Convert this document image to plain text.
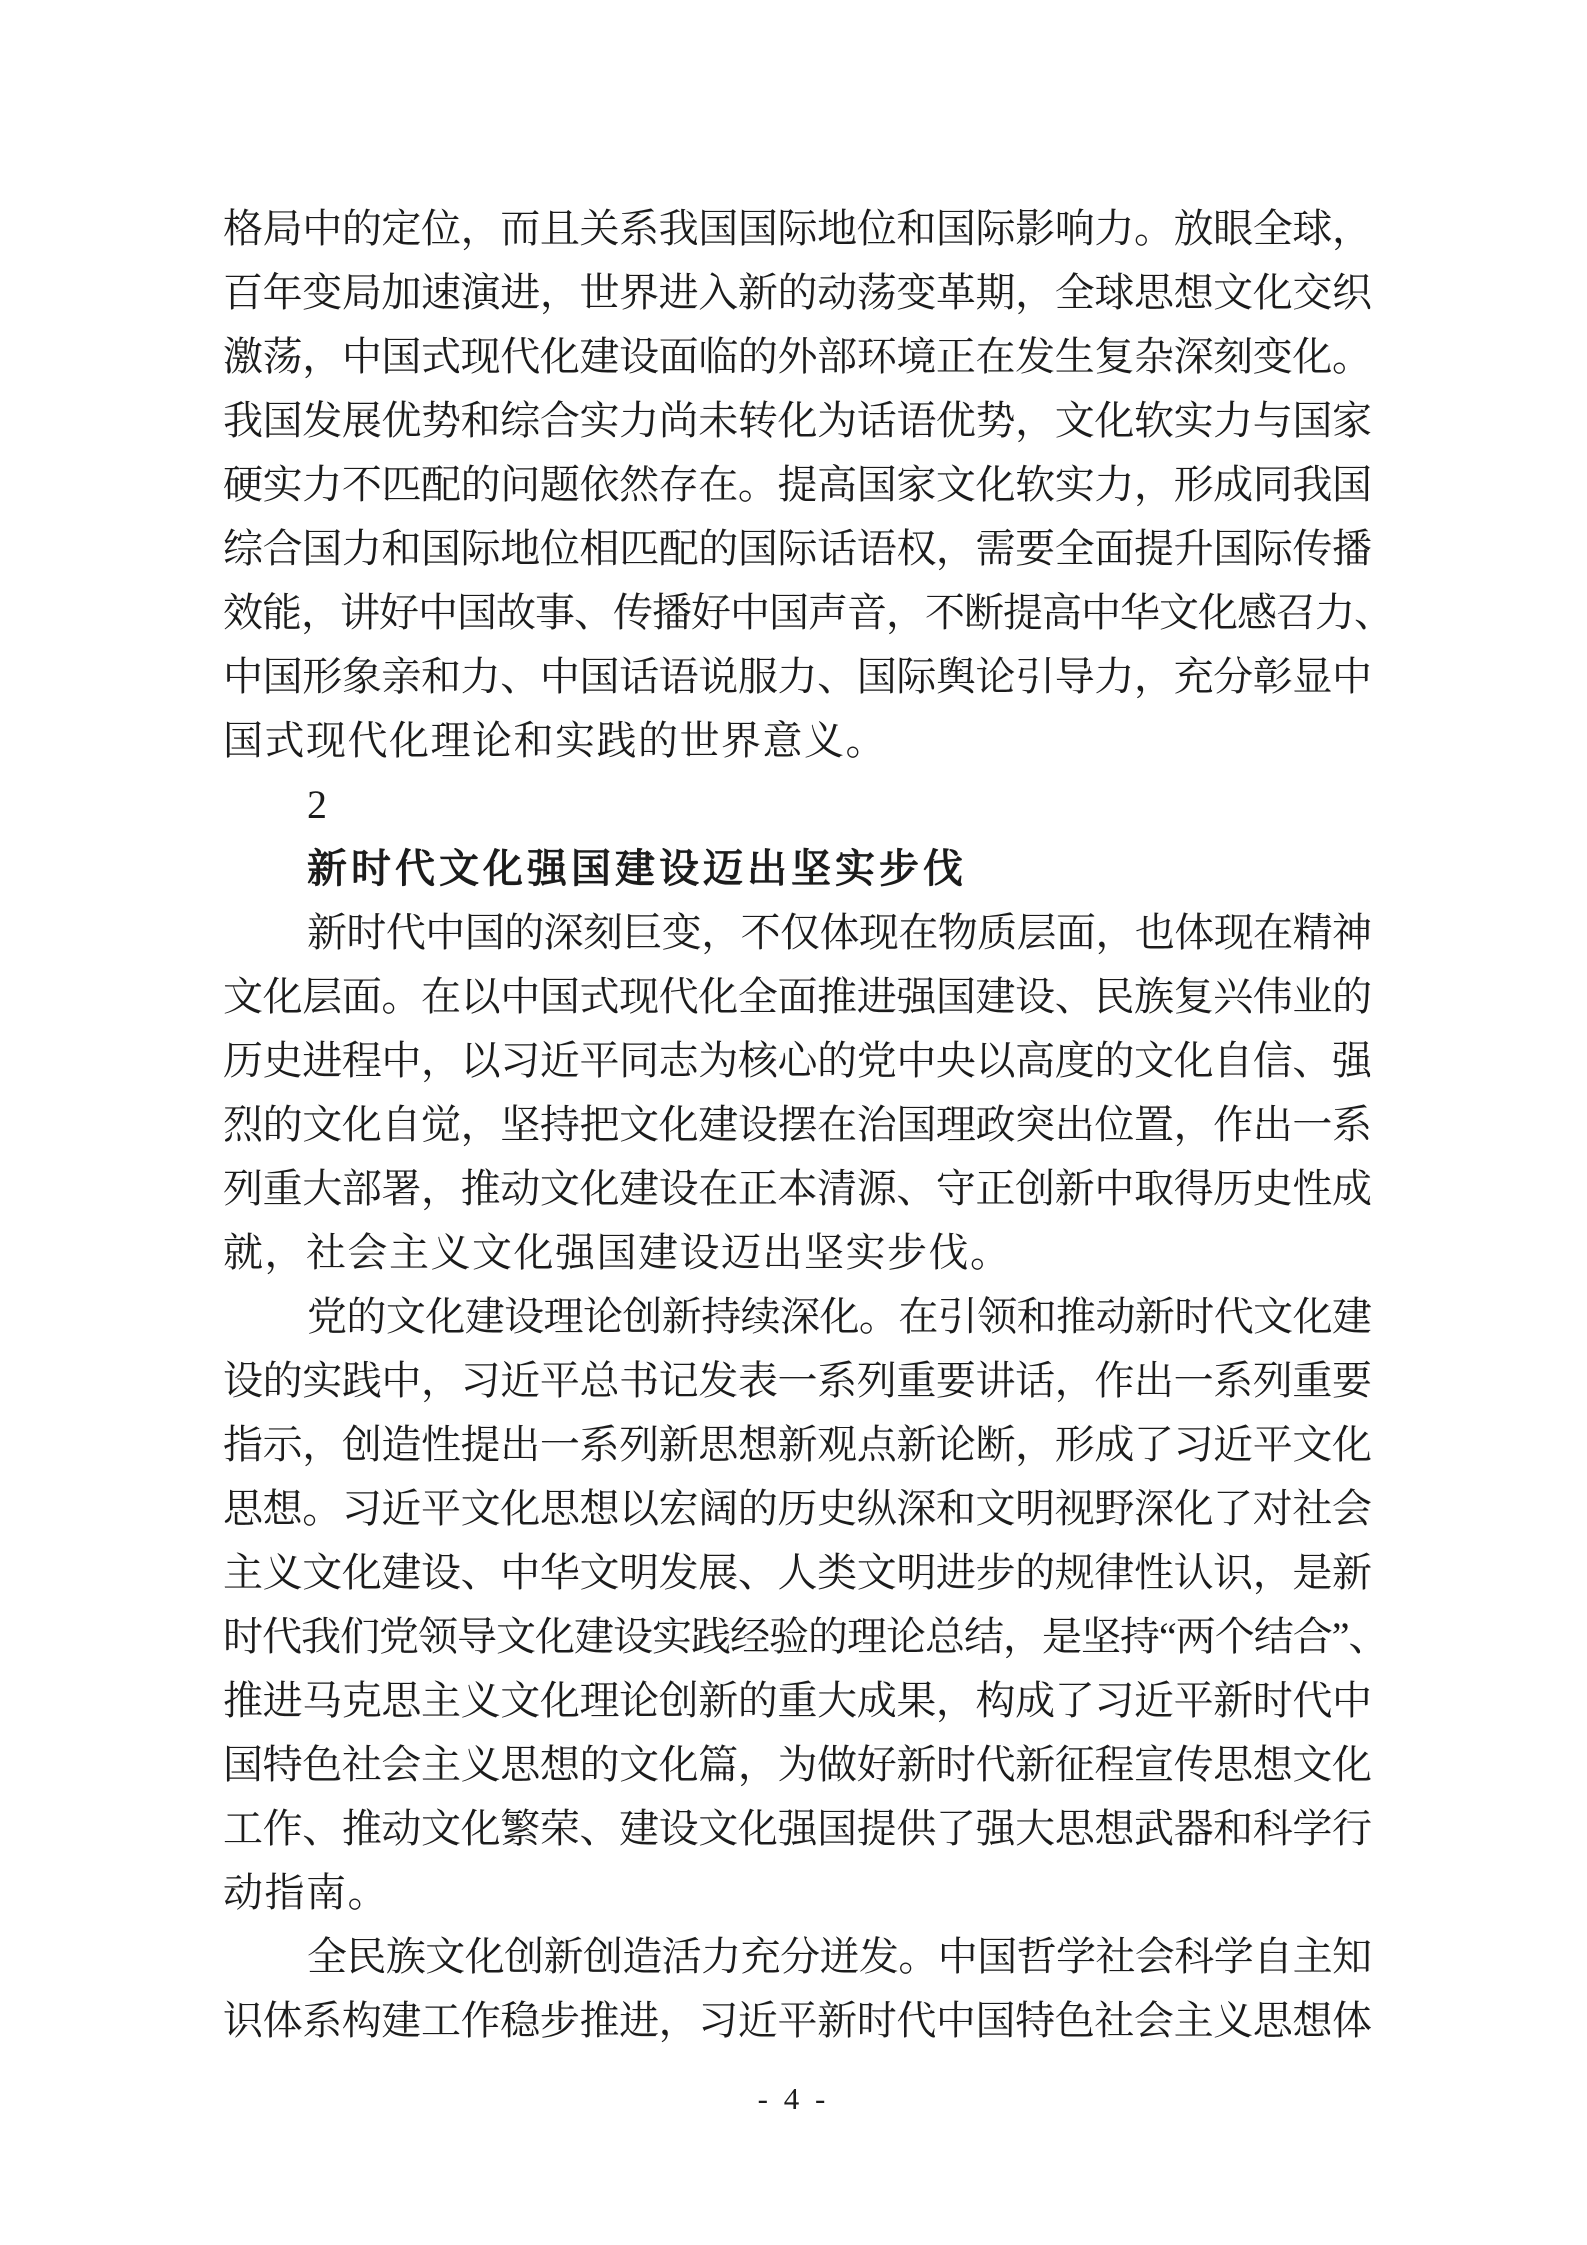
格局中的定位，而且关系我国国际地位和国际影响力。放眼全球，
百年变局加速演进，世界进入新的动荡变革期，全球思想文化交织
激荡，中国式现代化建设面临的外部环境正在发生复杂深刻变化。
我国发展优势和综合实力尚未转化为话语优势，文化软实力与国家
硬实力不匹配的问题依然存在。提高国家文化软实力，形成同我国
综合国力和国际地位相匹配的国际话语权，需要全面提升国际传播
效能，讲好中国故事、传播好中国声音，不断提高中华文化感召力、
中国形象亲和力、中国话语说服力、国际舆论引导力，充分彰显中
国式现代化理论和实践的世界意义。
2
新时代文化强国建设迈出坚实步伐
新时代中国的深刻巨变，不仅体现在物质层面，也体现在精神
文化层面。在以中国式现代化全面推进强国建设、民族复兴伟业的
历史进程中，以习近平同志为核心的党中央以高度的文化自信、强
烈的文化自觉，坚持把文化建设摆在治国理政突出位置，作出一系
列重大部署，推动文化建设在正本清源、守正创新中取得历史性成
就，社会主义文化强国建设迈出坚实步伐。
党的文化建设理论创新持续深化。在引领和推动新时代文化建
设的实践中，习近平总书记发表一系列重要讲话，作出一系列重要
指示，创造性提出一系列新思想新观点新论断，形成了习近平文化
思想。习近平文化思想以宏阔的历史纵深和文明视野深化了对社会
主义文化建设、中华文明发展、人类文明进步的规律性认识，是新
时代我们党领导文化建设实践经验的理论总结，是坚持“两个结合”、
推进马克思主义文化理论创新的重大成果，构成了习近平新时代中
国特色社会主义思想的文化篇，为做好新时代新征程宣传思想文化
工作、推动文化繁荣、建设文化强国提供了强大思想武器和科学行
动指南。
全民族文化创新创造活力充分迸发。中国哲学社会科学自主知
识体系构建工作稳步推进，习近平新时代中国特色社会主义思想体
- 4 -
